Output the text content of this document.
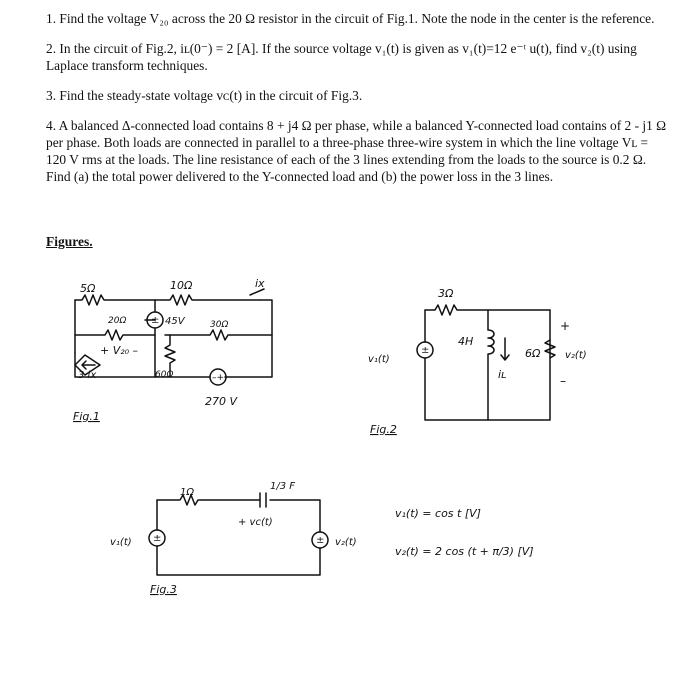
1. Find the voltage V₂₀ across the 20 Ω resistor in the circuit of Fig.1. Note the node in the center is the reference.

2. In the circuit of Fig.2, iʟ(0⁻) = 2 [A]. If the source voltage v₁(t) is given as v₁(t)=12 e⁻ᵗ u(t), find v₂(t) using Laplace transform techniques.

3. Find the steady-state voltage vᴄ(t) in the circuit of Fig.3.

4. A balanced Δ-connected load contains 8 + j4 Ω per phase, while a balanced Y-connected load contains of 2 - j1 Ω per phase. Both loads are connected in parallel to a three-phase three-wire system in which the line voltage Vʟ = 120 V rms at the loads. The line resistance of each of the 3 lines extending from the loads to the source is 0.2 Ω. Find (a) the total power delivered to the Y-connected load and (b) the power loss in the 3 lines.

Figures.
±
–+
5Ω	10Ω	ix
20Ω	45V	30Ω
+ V₂₀ –
3·ix	60Ω
270 V
Fig.1
±
3Ω
4H
iʟ
6Ω
+
v₂(t)
–
v₁(t)
Fig.2
±	±
1Ω
1/3 F
+ vc(t)
v₁(t)	v₂(t)
v₁(t) = cos t [V]
v₂(t) = 2 cos (t + π/3) [V]
Fig.3
